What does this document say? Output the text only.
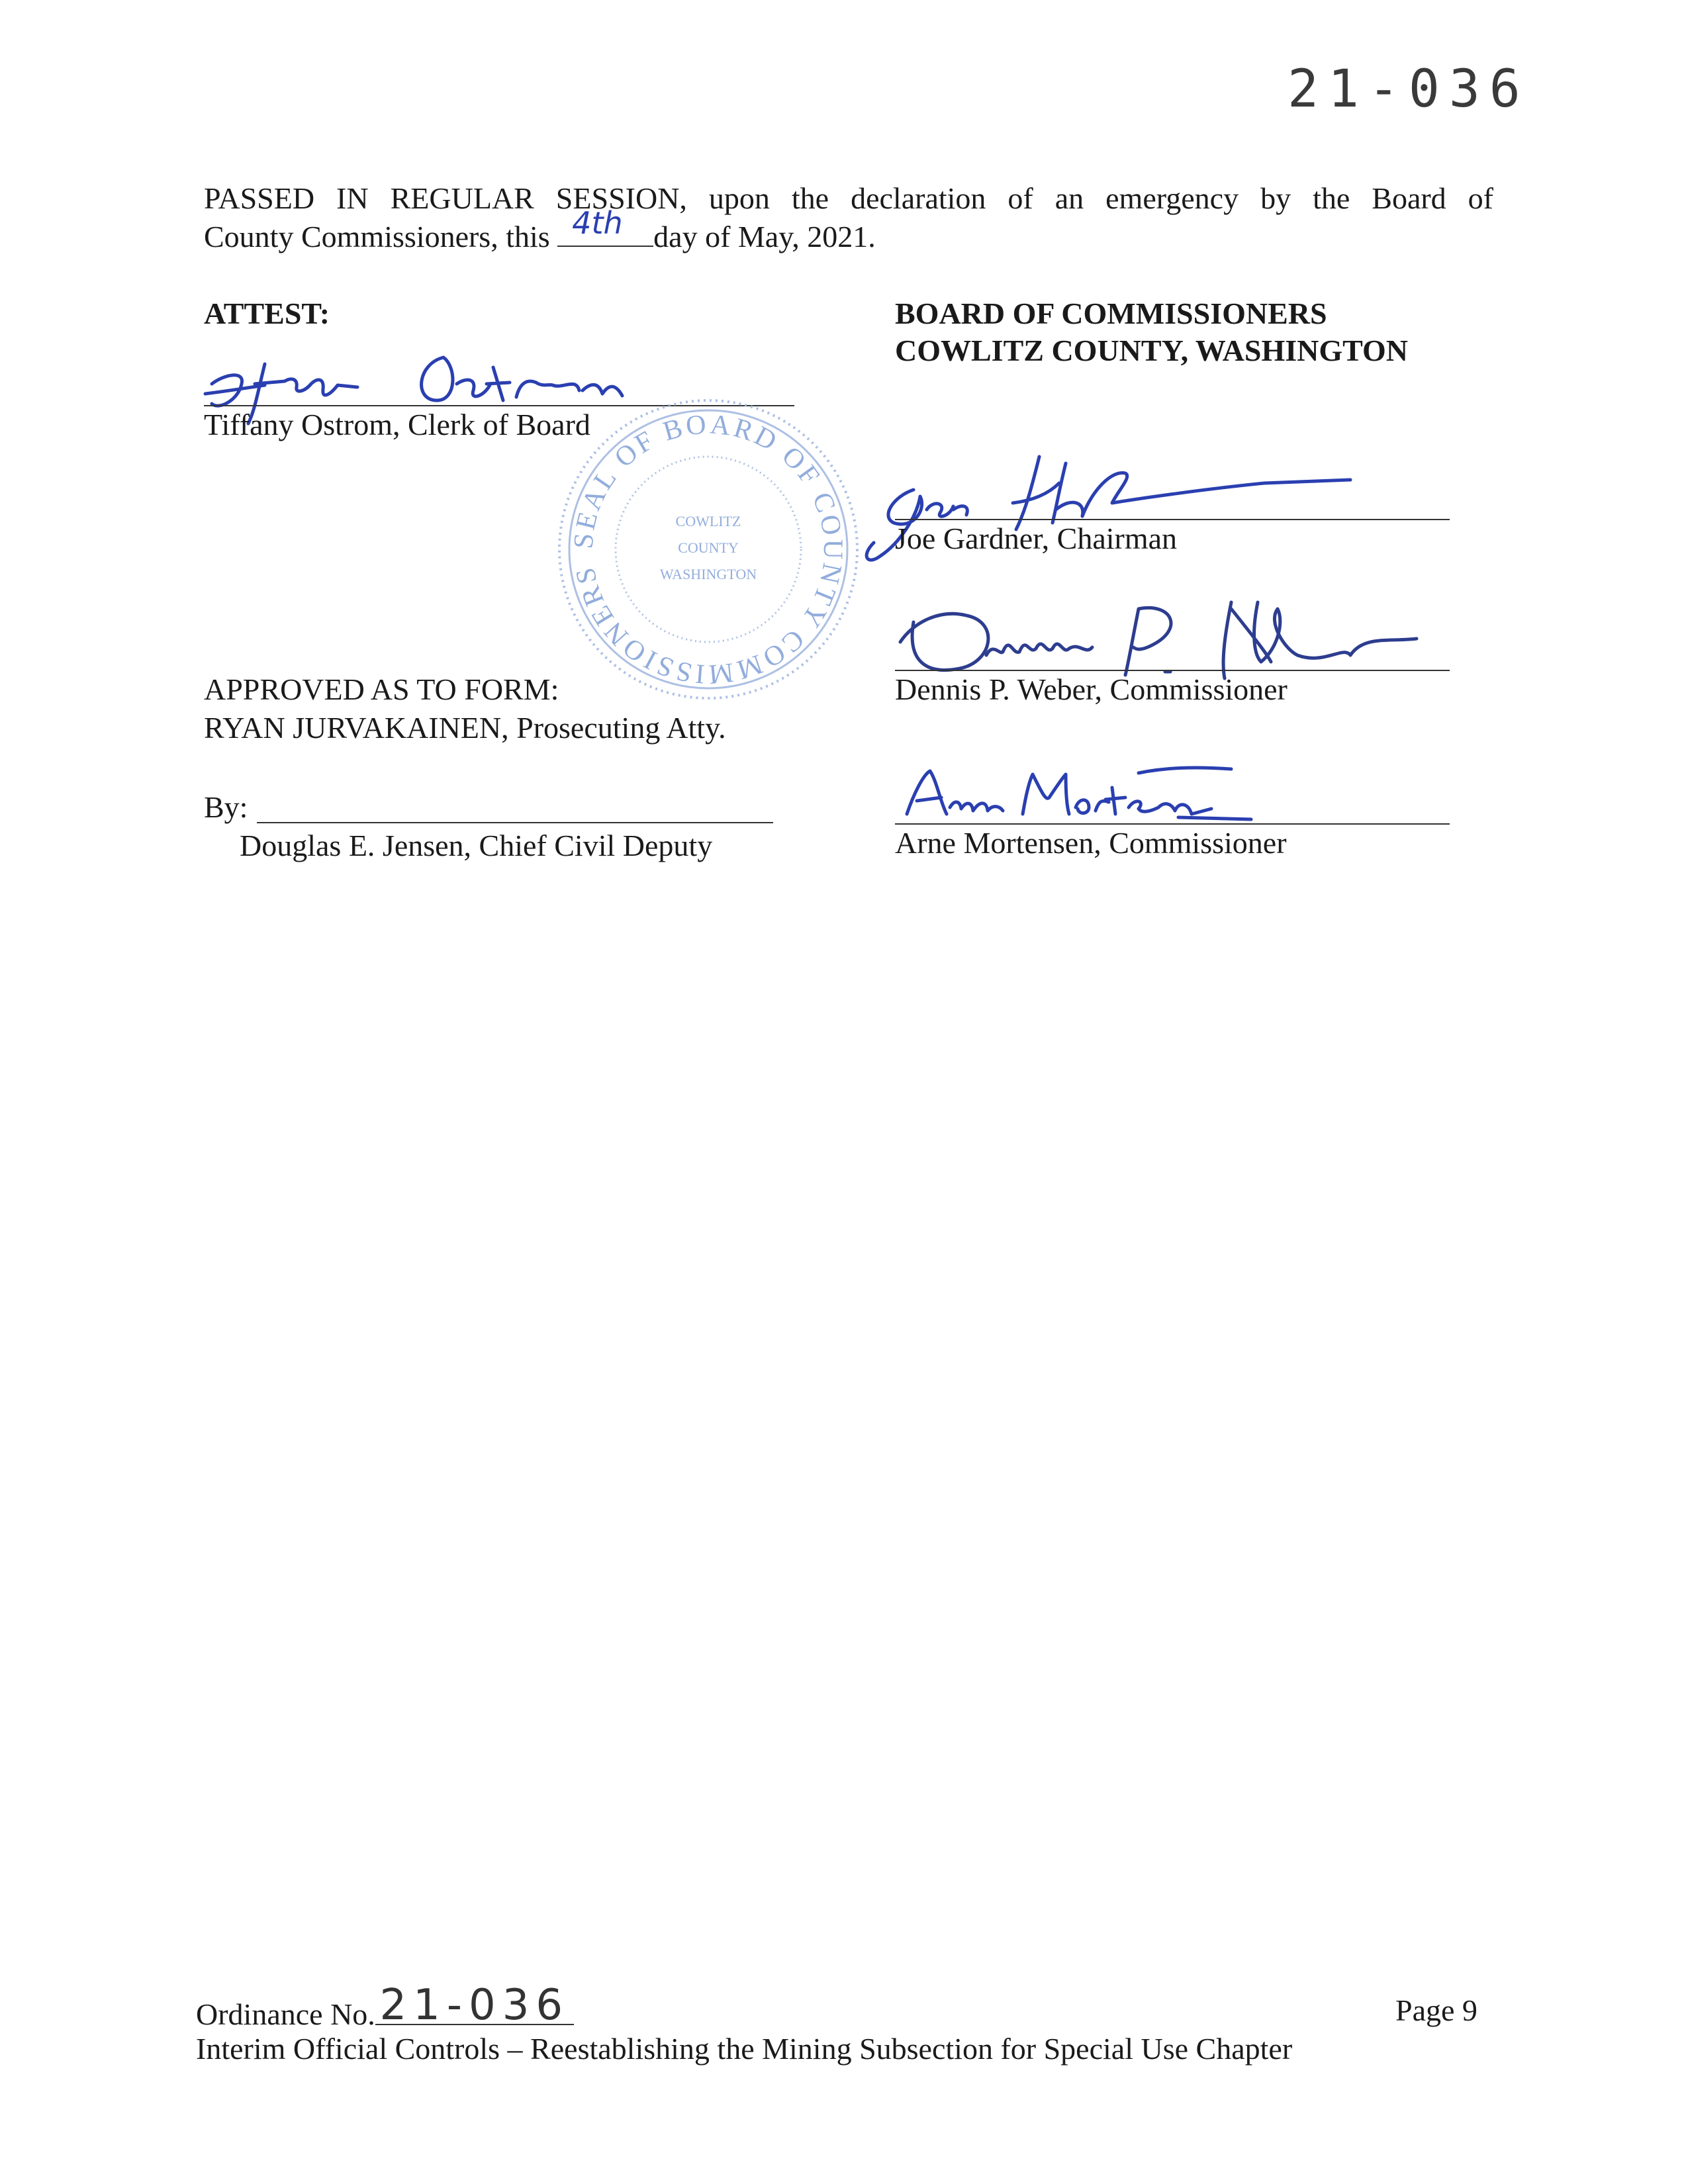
21-036
PASSED IN REGULAR SESSION, upon the declaration of an emergency by the Board of
County Commissioners, this 4th day of May, 2021.
ATTEST:
Tiffany Ostrom, Clerk of Board
SEAL OF BOARD OF COUNTY COMMISSIONERS
COWLITZ
COUNTY
WASHINGTON
BOARD OF COMMISSIONERS
COWLITZ COUNTY, WASHINGTON
Joe Gardner, Chairman
Dennis P. Weber, Commissioner
APPROVED AS TO FORM:
RYAN JURVAKAINEN, Prosecuting Atty.
By:
Douglas E. Jensen, Chief Civil Deputy	Arne Mortensen, Commissioner
Ordinance No. 21-036	Page 9
Interim Official Controls – Reestablishing the Mining Subsection for Special Use Chapter
